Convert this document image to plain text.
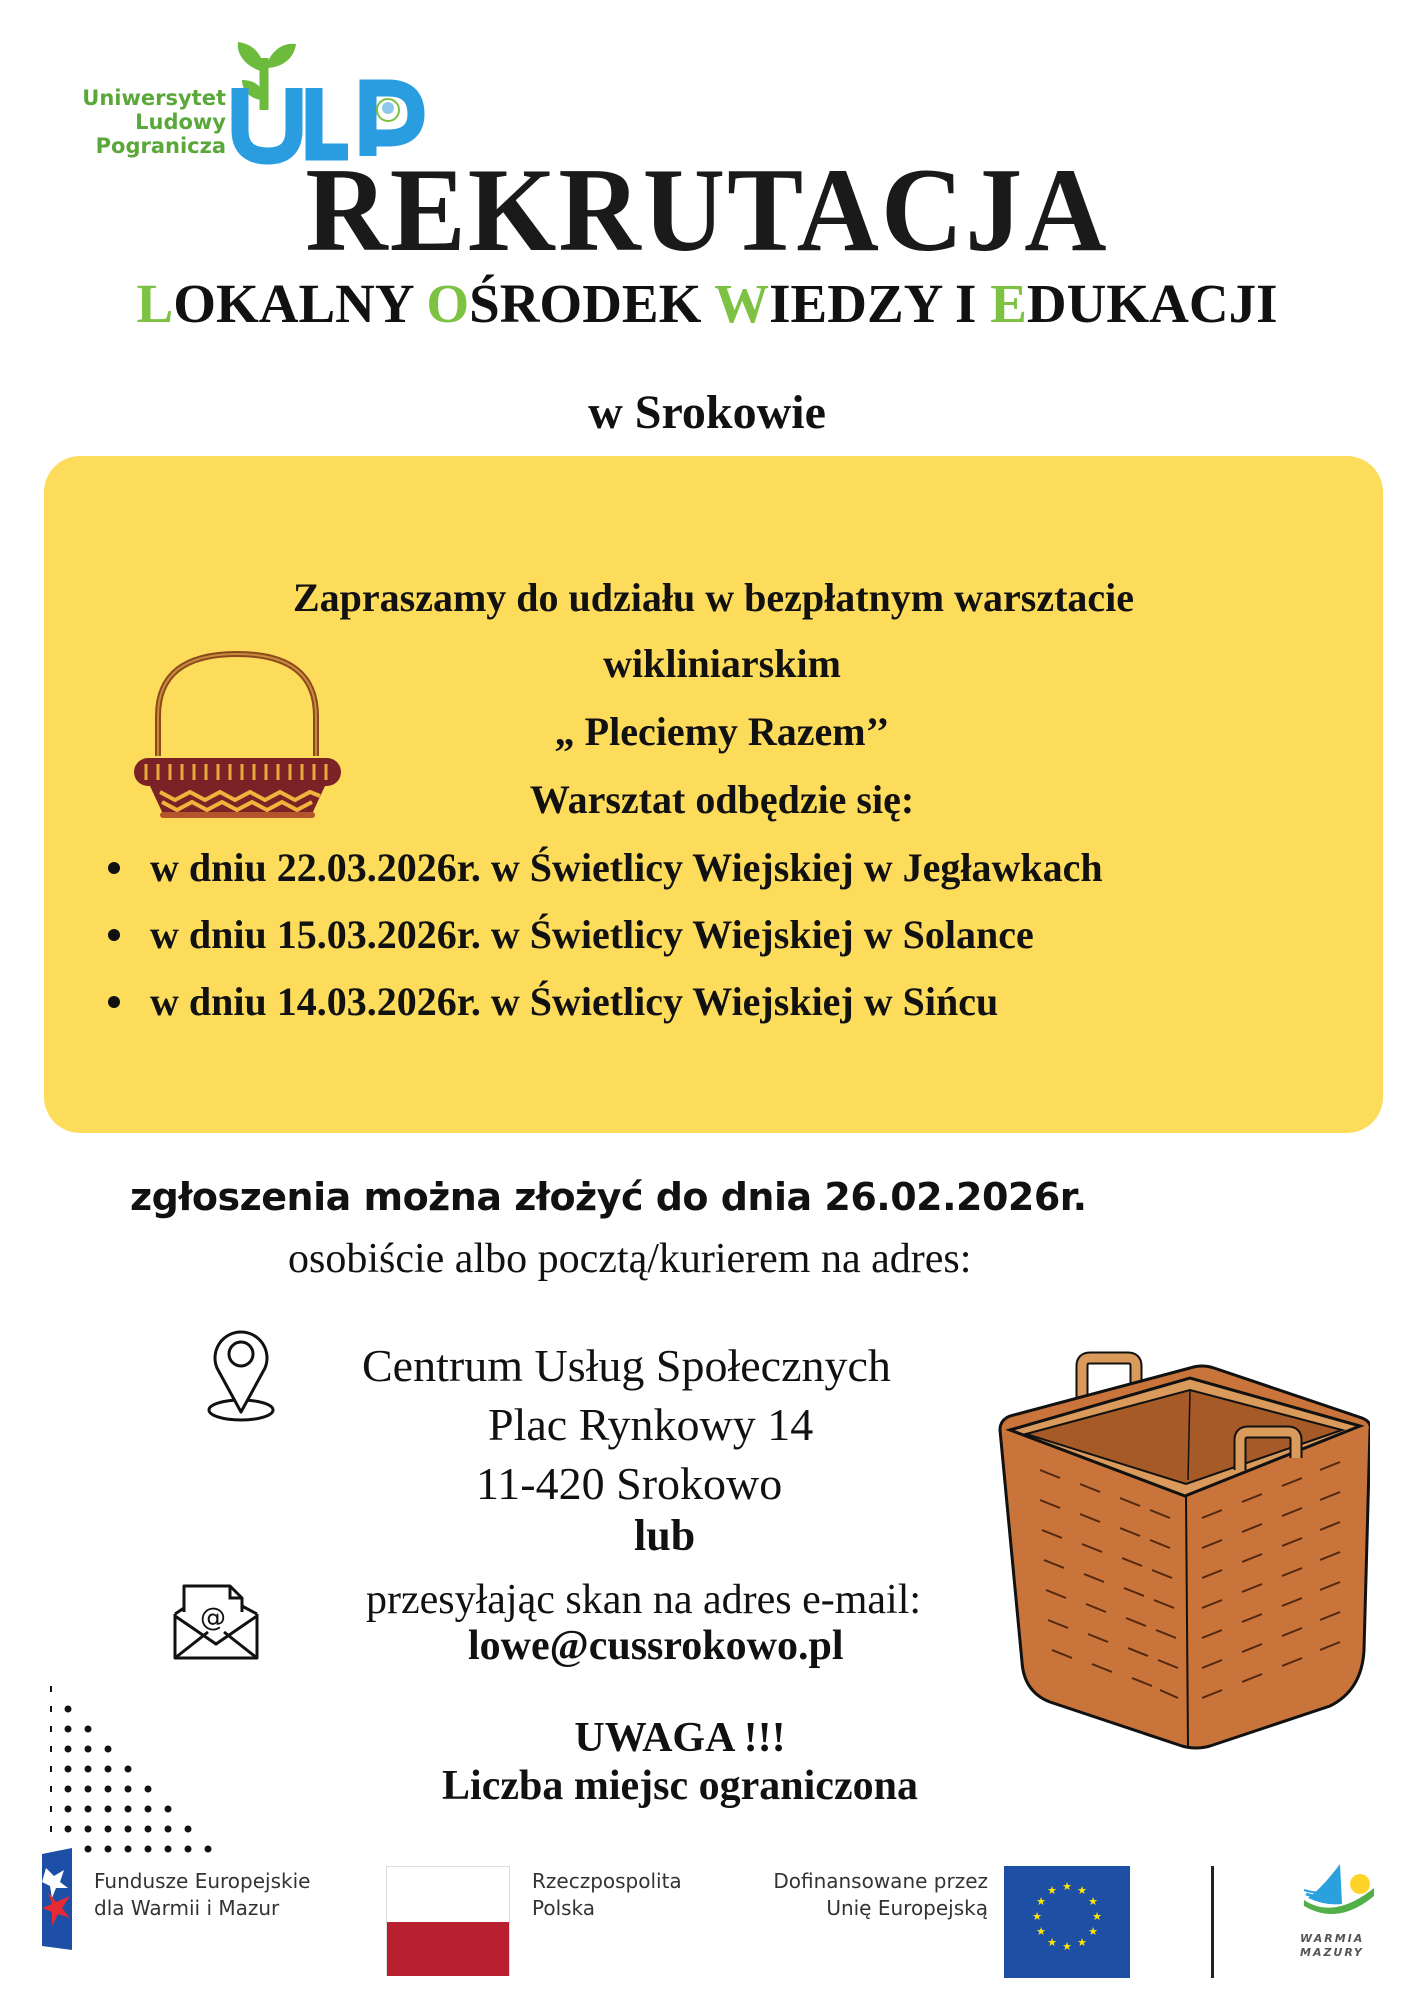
Uniwersytet
Ludowy
Pogranicza REKRUTACJA
LOKALNY OŚRODEK WIEDZY I EDUKACJI
w Srokowie
Zapraszamy do udziału w bezpłatnym warsztacie
wikliniarskim
„ Pleciemy Razem’’
Warsztat odbędzie się:
w dniu 22.03.2026r. w Świetlicy Wiejskiej w Jegławkach
w dniu 15.03.2026r. w Świetlicy Wiejskiej w Solance
w dniu 14.03.2026r. w Świetlicy Wiejskiej w Sińcu
zgłoszenia można złożyć do dnia 26.02.2026r.
osobiście albo pocztą/kurierem na adres:
Centrum Usług Społecznych
Plac Rynkowy 14
11-420 Srokowo
lub
@	przesyłając skan na adres e-mail:
lowe@cussrokowo.pl
UWAGA !!!
Liczba miejsc ograniczona
Fundusze Europejskie
dla Warmii i Mazur
Rzeczpospolita
Polska
Dofinansowane przez
Unię Europejską
★ ★
★
★
★
★
★
★
★
★
★
★
WARMIA
MAZURY
